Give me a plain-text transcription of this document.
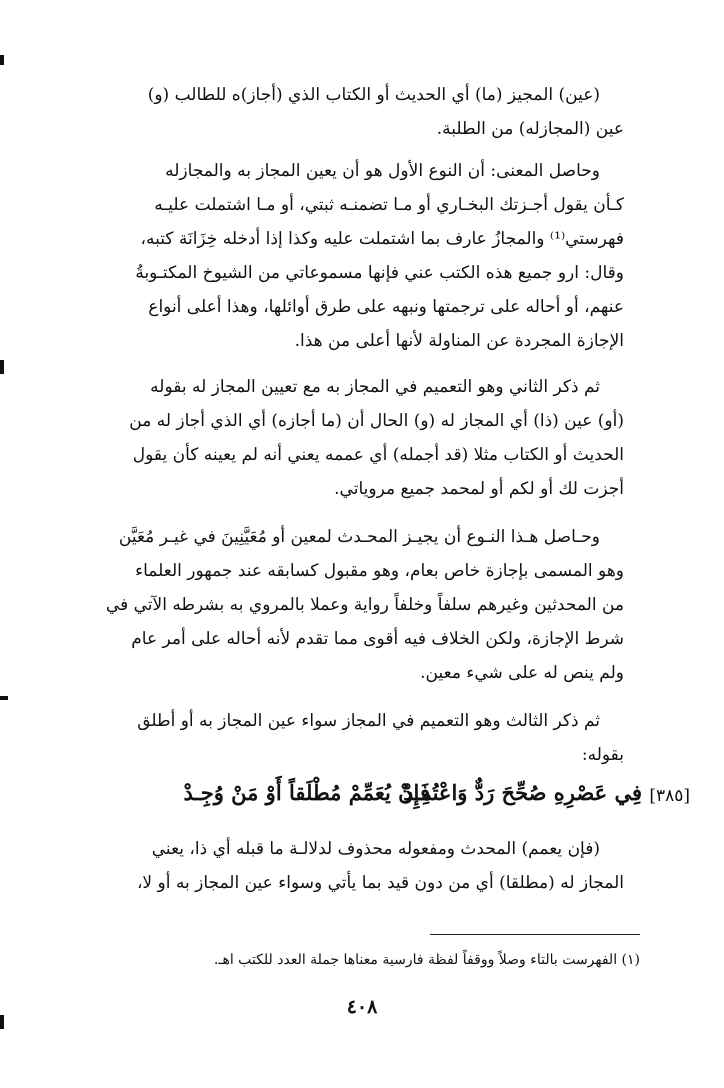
(عين) المجيز (ما) أي الحديث أو الكتاب الذي (أجاز)ه للطالب (و)
عين (المجازله) من الطلبة.
وحاصل المعنى: أن النوع الأول هو أن يعين المجاز به والمجازله
كـأن يقول أجـزتك البخـاري أو مـا تضمنـه ثبتي، أو مـا اشتملت عليـه
فهرستي⁽¹⁾ والمجازُ عارف بما اشتملت عليه وكذا إذا أدخله خِزَانَة كتبه،
وقال: ارو جميع هذه الكتب عني فإنها مسموعاتي من الشيوخ المكتـوبةُ
عنهم، أو أحاله على ترجمتها ونبهه على طرق أوائلها، وهذا أعلى أنواع
الإجازة المجردة عن المناولة لأنها أعلى من هذا.
ثم ذكر الثاني وهو التعميم في المجاز به مع تعيين المجاز له بقوله
(أو) عين (ذا) أي المجاز له (و) الحال أن (ما أجازه) أي الذي أجاز له من
الحديث أو الكتاب مثلا (قد أجمله) أي عممه يعني أنه لم يعينه كأن يقول
أجزت لك أو لكم أو لمحمد جميع مروياتي.
وحـاصل هـذا النـوع أن يجيـز المحـدث لمعين أو مُعَيَّنِينَ في غيـر مُعَيَّن
وهو المسمى بإجازة خاص بعام، وهو مقبول كسابقه عند جمهور العلماء
من المحدثين وغيرهم سلفاً وخلفاً رواية وعملا بالمروي به بشرطه الآتي في
شرط الإجازة، ولكن الخلاف فيه أقوى مما تقدم لأنه أحاله على أمر عام
ولم ينص له على شيء معين.
ثم ذكر الثالث وهو التعميم في المجاز سواء عين المجاز به أو أطلق
بقوله:
[٣٨٥]
فَإِنْ يُعَمِّمْ مُطْلَقاً أَوْ مَنْ وُجِـدْ
فِي عَصْرِهِ صُحِّحَ رَدٌّ وَاعْتُمِـدْ
(فإن يعمم) المحدث ومفعوله محذوف لدلالـة ما قبله أي ذا، يعني
المجاز له (مطلقا) أي من دون قيد بما يأتي وسواء عين المجاز به أو لا،
(١) الفهرست بالتاء وصلاً ووقفاً لفظة فارسية معناها جملة العدد للكتب اهـ.
٤٠٨
